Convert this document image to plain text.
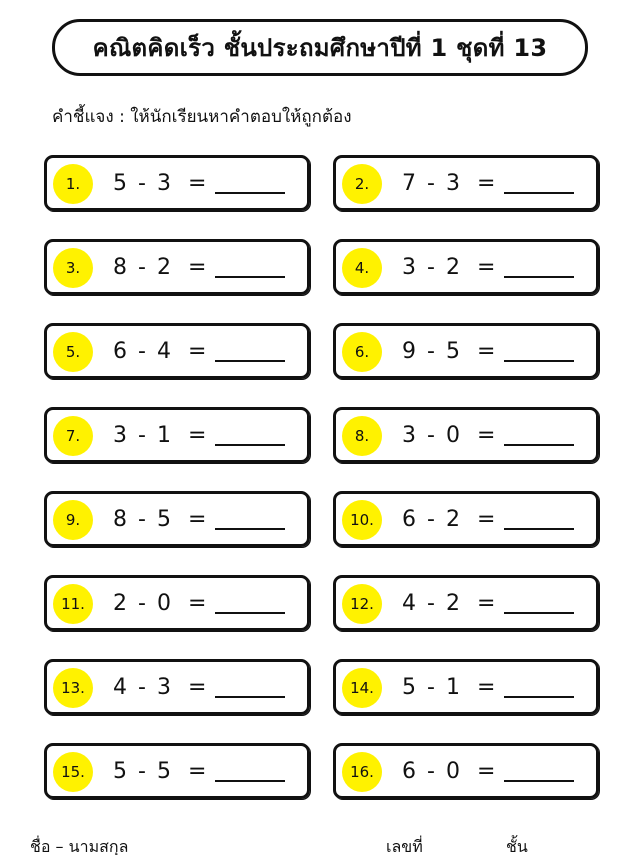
คณิตคิดเร็ว ชั้นประถมศึกษาปีที่ 1 ชุดที่ 13
คำชี้แจง : ให้นักเรียนหาคำตอบให้ถูกต้อง
1.	5 - 3 =	2.	7 - 3 =
3.	8 - 2 =	4.	3 - 2 =
5.	6 - 4 =	6.	9 - 5 =
7.	3 - 1 =	8.	3 - 0 =
9.	8 - 5 =	10.	6 - 2 =
11.	2 - 0 =	12.	4 - 2 =
13.	4 - 3 =	14.	5 - 1 =
15.	5 - 5 =	16.	6 - 0 =
ชื่อ – นามสกุล	เลขที่	ชั้น
